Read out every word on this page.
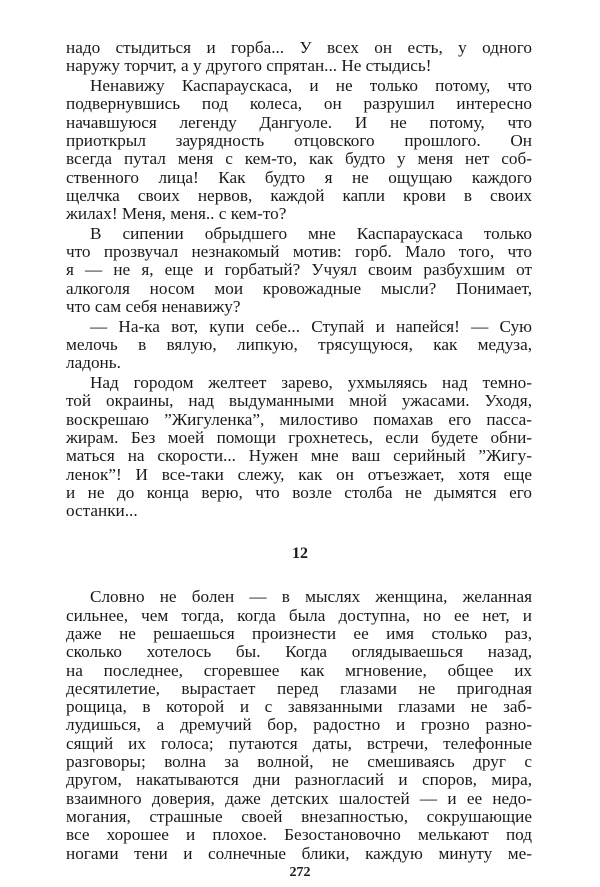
надо стыдиться и горба... У всех он есть, у одного
наружу торчит, а у другого спрятан... Не стыдись!
Ненавижу Каспараускаса, и не только потому, что
подвернувшись под колеса, он разрушил интересно
начавшуюся легенду Дангуоле. И не потому, что
приоткрыл заурядность отцовского прошлого. Он
всегда путал меня с кем-то, как будто у меня нет соб-
ственного лица! Как будто я не ощущаю каждого
щелчка своих нервов, каждой капли крови в своих
жилах! Меня, меня.. с кем-то?
В сипении обрыдшего мне Каспараускаса только
что прозвучал незнакомый мотив: горб. Мало того, что
я — не я, еще и горбатый? Учуял своим разбухшим от
алкоголя носом мои кровожадные мысли? Понимает,
что сам себя ненавижу?
— На-ка вот, купи себе... Ступай и напейся! — Сую
мелочь в вялую, липкую, трясущуюся, как медуза,
ладонь.
Над городом желтеет зарево, ухмыляясь над темно-
той окраины, над выдуманными мной ужасами. Уходя,
воскрешаю ”Жигуленка”, милостиво помахав его пасса-
жирам. Без моей помощи грохнетесь, если будете обни-
маться на скорости... Нужен мне ваш серийный ”Жигу-
ленок”! И все-таки слежу, как он отъезжает, хотя еще
и не до конца верю, что возле столба не дымятся его
останки...
12
Словно не болен — в мыслях женщина, желанная
сильнее, чем тогда, когда была доступна, но ее нет, и
даже не решаешься произнести ее имя столько раз,
сколько хотелось бы. Когда оглядываешься назад,
на последнее, сгоревшее как мгновение, общее их
десятилетие, вырастает перед глазами не пригодная
рощица, в которой и с завязанными глазами не заб-
лудишься, а дремучий бор, радостно и грозно разно-
сящий их голоса; путаются даты, встречи, телефонные
разговоры; волна за волной, не смешиваясь друг с
другом, накатываются дни разногласий и споров, мира,
взаимного доверия, даже детских шалостей — и ее недо-
могания, страшные своей внезапностью, сокрушающие
все хорошее и плохое. Безостановочно мелькают под
ногами тени и солнечные блики, каждую минуту ме-
272
